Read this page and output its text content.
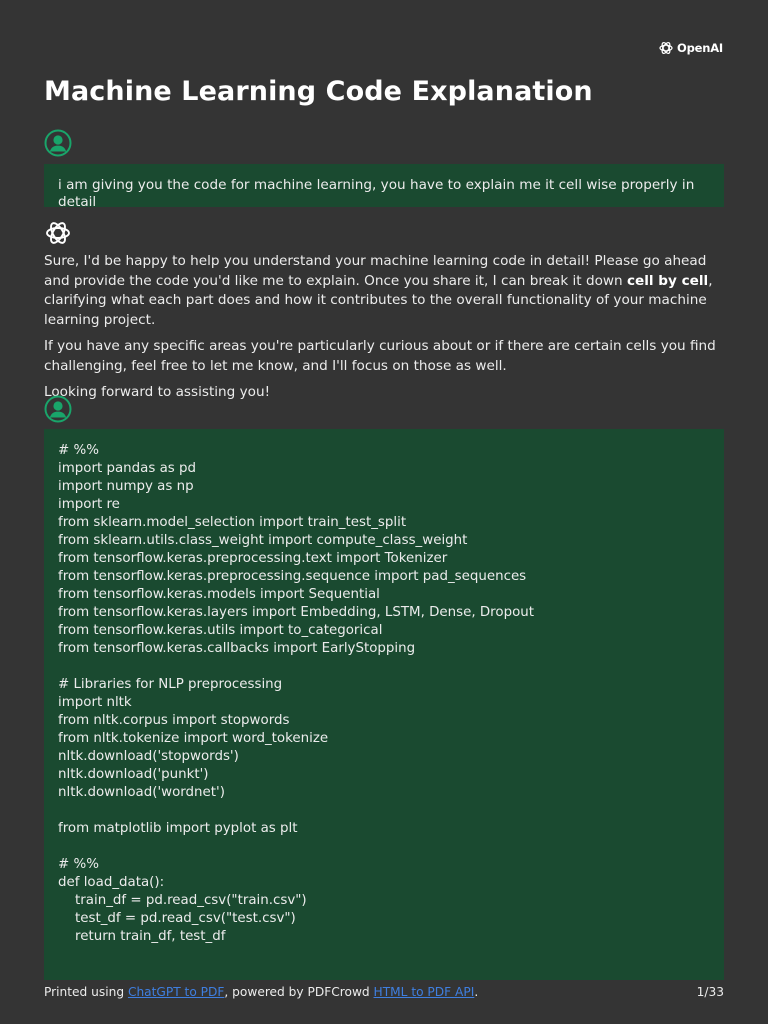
OpenAI
Machine Learning Code Explanation
i am giving you the code for machine learning, you have to explain me it cell wise properly in detail

Sure, I'd be happy to help you understand your machine learning code in detail! Please go ahead and provide the code you'd like me to explain. Once you share it, I can break it down cell by cell, clarifying what each part does and how it contributes to the overall functionality of your machine learning project.

If you have any specific areas you're particularly curious about or if there are certain cells you find challenging, feel free to let me know, and I'll focus on those as well.

Looking forward to assisting you!

# %%
import pandas as pd
import numpy as np
import re
from sklearn.model_selection import train_test_split
from sklearn.utils.class_weight import compute_class_weight
from tensorflow.keras.preprocessing.text import Tokenizer
from tensorflow.keras.preprocessing.sequence import pad_sequences
from tensorflow.keras.models import Sequential
from tensorflow.keras.layers import Embedding, LSTM, Dense, Dropout
from tensorflow.keras.utils import to_categorical
from tensorflow.keras.callbacks import EarlyStopping
# Libraries for NLP preprocessing
import nltk
from nltk.corpus import stopwords
from nltk.tokenize import word_tokenize
nltk.download('stopwords')
nltk.download('punkt')
nltk.download('wordnet')
from matplotlib import pyplot as plt
# %%
def load_data():
train_df = pd.read_csv("train.csv")
test_df = pd.read_csv("test.csv")
return train_df, test_df
Printed using ChatGPT to PDF, powered by PDFCrowd HTML to PDF API.	1/33
